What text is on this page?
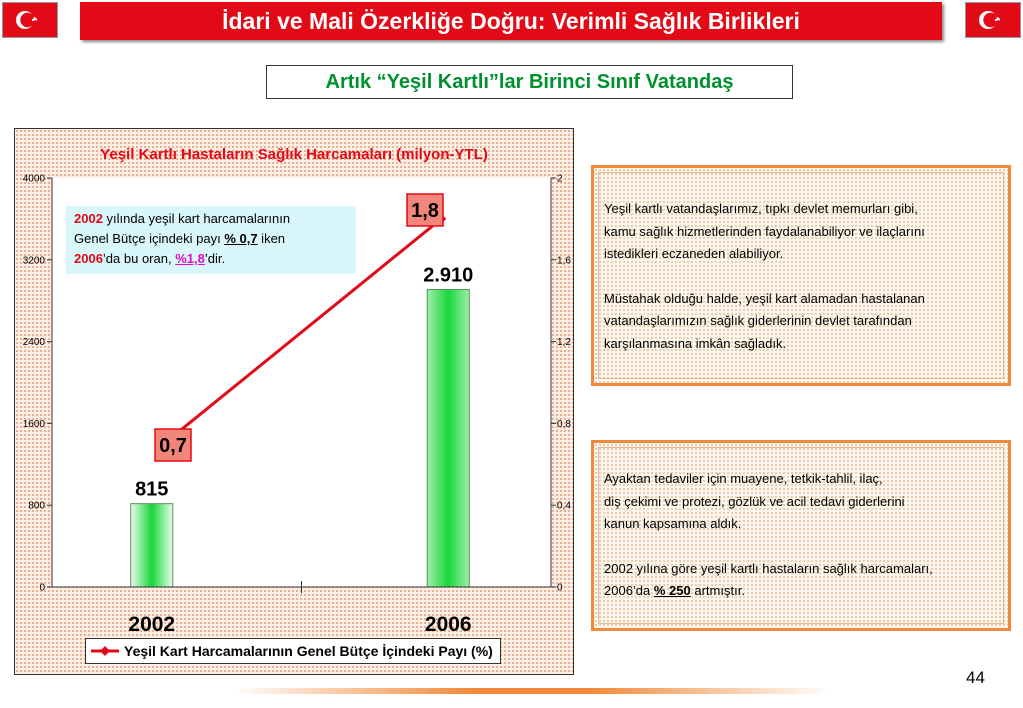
İdari ve Mali Özerkliğe Doğru: Verimli Sağlık Birlikleri
Artık “Yeşil Kartlı”lar Birinci Sınıf Vatandaş
Yeşil Kartlı Hastaların Sağlık Harcamaları (milyon-YTL)
0
800
1600
2400
3200
4000
0
0,4
0,8
1,2
1,6
2
815
2.910
0,7
1,8
2002	2006
2002 yılında yeşil kart harcamalarının
Genel Bütçe içindeki payı % 0,7 iken
2006’da bu oran, %1,8’dir.
Yeşil Kart Harcamalarının Genel Bütçe İçindeki Payı (%)

Yeşil kartlı vatandaşlarımız, tıpkı devlet memurları gibi,

kamu sağlık hizmetlerinden faydalanabiliyor ve ilaçlarını

istedikleri eczaneden alabiliyor.

Müstahak olduğu halde, yeşil kart alamadan hastalanan

vatandaşlarımızın sağlık giderlerinin devlet tarafından

karşılanmasına imkân sağladık.

Ayaktan tedaviler için muayene, tetkik-tahlil, ilaç,

diş çekimi ve protezi, gözlük ve acil tedavi giderlerini

kanun kapsamına aldık.

2002 yılına göre yeşil kartlı hastaların sağlık harcamaları,

2006’da % 250 artmıştır.

44
